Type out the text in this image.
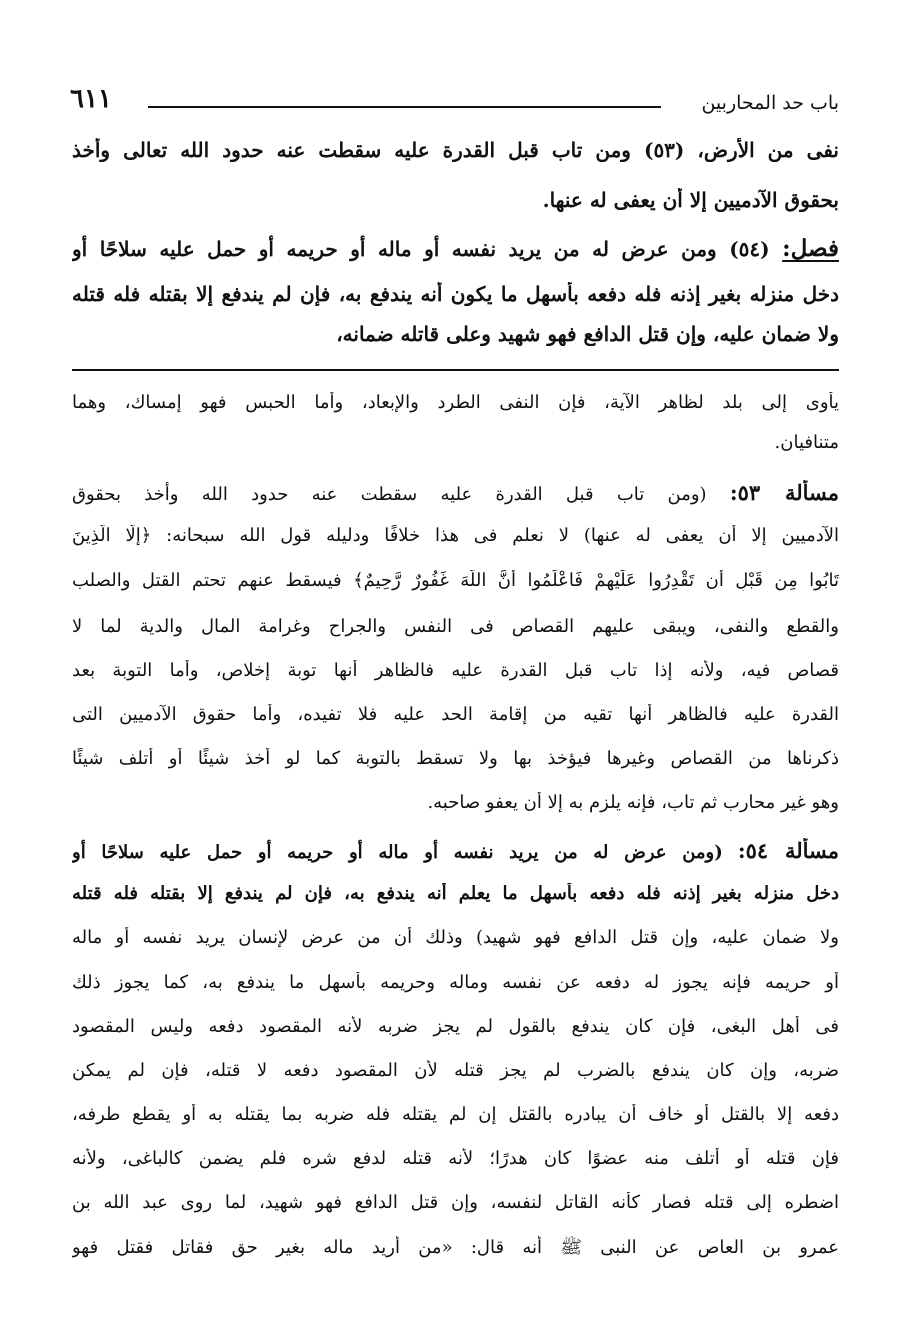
باب حد المحاربين
٦١١
نفى من الأرض، (٥٣) ومن تاب قبل القدرة عليه سقطت عنه حدود الله تعالى وأخذ
بحقوق الآدميين إلا أن يعفى له عنها.
فصل: (٥٤) ومن عرض له من يريد نفسه أو ماله أو حريمه أو حمل عليه سلاحًا أو
دخل منزله بغير إذنه فله دفعه بأسهل ما يكون أنه يندفع به، فإن لم يندفع إلا بقتله فله قتله
ولا ضمان عليه، وإن قتل الدافع فهو شهيد وعلى قاتله ضمانه،
يأوى إلى بلد لظاهر الآية، فإن النفى الطرد والإبعاد، وأما الحبس فهو إمساك، وهما
متنافيان.
مسألة ٥٣: (ومن تاب قبل القدرة عليه سقطت عنه حدود الله وأخذ بحقوق
الآدميين إلا أن يعفى له عنها) لا نعلم فى هذا خلافًا ودليله قول الله سبحانه: ﴿إِلَّا الَّذِينَ
تَابُوا مِن قَبْلِ أَن تَقْدِرُوا عَلَيْهِمْ فَاعْلَمُوا أَنَّ اللَّهَ غَفُورٌ رَّحِيمٌ﴾ فيسقط عنهم تحتم القتل والصلب
والقطع والنفى، ويبقى عليهم القصاص فى النفس والجراح وغرامة المال والدية لما لا
قصاص فيه، ولأنه إذا تاب قبل القدرة عليه فالظاهر أنها توبة إخلاص، وأما التوبة بعد
القدرة عليه فالظاهر أنها تقيه من إقامة الحد عليه فلا تفيده، وأما حقوق الآدميين التى
ذكرناها من القصاص وغيرها فيؤخذ بها ولا تسقط بالتوبة كما لو أخذ شيئًا أو أتلف شيئًا
وهو غير محارب ثم تاب، فإنه يلزم به إلا أن يعفو صاحبه.
مسألة ٥٤: (ومن عرض له من يريد نفسه أو ماله أو حريمه أو حمل عليه سلاحًا أو
دخل منزله بغير إذنه فله دفعه بأسهل ما يعلم أنه يندفع به، فإن لم يندفع إلا بقتله فله قتله
ولا ضمان عليه، وإن قتل الدافع فهو شهيد) وذلك أن من عرض لإنسان يريد نفسه أو ماله
أو حريمه فإنه يجوز له دفعه عن نفسه وماله وحريمه بأسهل ما يندفع به، كما يجوز ذلك
فى أهل البغى، فإن كان يندفع بالقول لم يجز ضربه لأنه المقصود دفعه وليس المقصود
ضربه، وإن كان يندفع بالضرب لم يجز قتله لأن المقصود دفعه لا قتله، فإن لم يمكن
دفعه إلا بالقتل أو خاف أن يبادره بالقتل إن لم يقتله فله ضربه بما يقتله به أو يقطع طرفه،
فإن قتله أو أتلف منه عضوًا كان هدرًا؛ لأنه قتله لدفع شره فلم يضمن كالباغى، ولأنه
اضطره إلى قتله فصار كأنه القاتل لنفسه، وإن قتل الدافع فهو شهيد، لما روى عبد الله بن
عمرو بن العاص عن النبى ﷺ أنه قال: «من أريد ماله بغير حق فقاتل فقتل فهو
